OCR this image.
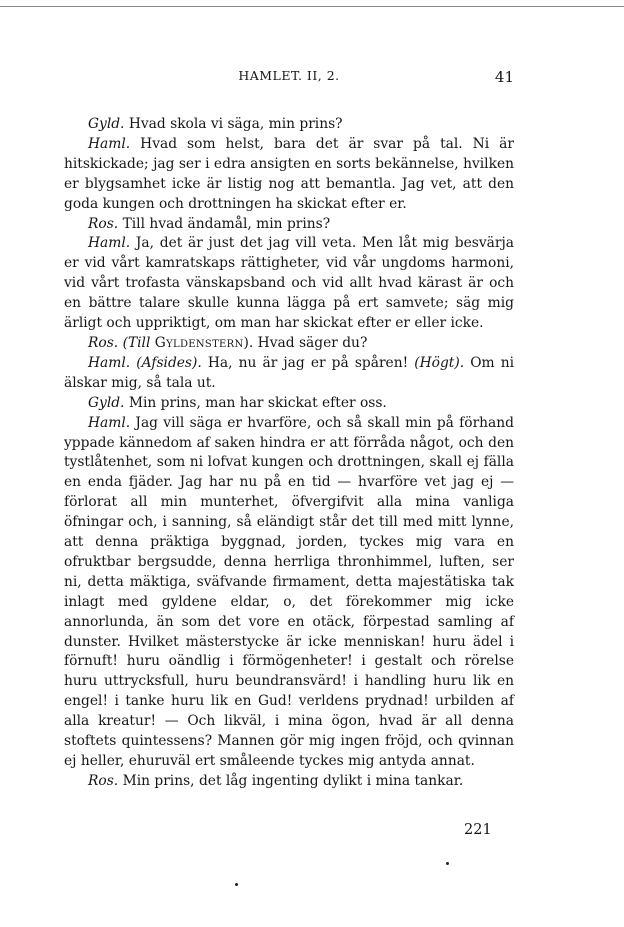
HAMLET. II, 2.	41

Gyld. Hvad skola vi säga, min prins?

Haml. Hvad som helst, bara det är svar på tal. Ni är hitskickade; jag ser i edra ansigten en sorts bekännelse, hvilken er blygsamhet icke är listig nog att bemantla. Jag vet, att den goda kungen och drottningen ha skickat efter er.

Ros. Till hvad ändamål, min prins?

Haml. Ja, det är just det jag vill veta. Men låt mig besvärja er vid vårt kamratskaps rättigheter, vid vår ungdoms harmoni, vid vårt trofasta vänskapsband och vid allt hvad kärast är och en bättre talare skulle kunna lägga på ert samvete; säg mig ärligt och uppriktigt, om man har skickat efter er eller icke.

Ros. (Till Gyldenstern). Hvad säger du?

Haml. (Afsides). Ha, nu är jag er på spåren! (Högt). Om ni älskar mig, så tala ut.

Gyld. Min prins, man har skickat efter oss.

Haml. Jag vill säga er hvarföre, och så skall min på förhand yppade kännedom af saken hindra er att förråda något, och den tystlåtenhet, som ni lofvat kungen och drottningen, skall ej fälla en enda fjäder. Jag har nu på en tid — hvarföre vet jag ej — förlorat all min munterhet, öfvergifvit alla mina vanliga öfningar och, i sanning, så eländigt står det till med mitt lynne, att denna präktiga byggnad, jorden, tyckes mig vara en ofruktbar bergsudde, denna herrliga thronhimmel, luften, ser ni, detta mäktiga, sväfvande firmament, detta majestätiska tak inlagt med gyldene eldar, o, det förekommer mig icke annorlunda, än som det vore en otäck, förpestad samling af dunster. Hvilket mästerstycke är icke menniskan! huru ädel i förnuft! huru oändlig i förmögenheter! i gestalt och rörelse huru uttrycksfull, huru beundransvärd! i handling huru lik en engel! i tanke huru lik en Gud! verldens prydnad! urbilden af alla kreatur! — Och likväl, i mina ögon, hvad är all denna stoftets quintessens? Mannen gör mig ingen fröjd, och qvinnan ej heller, ehuruväl ert småleende tyckes mig antyda annat.

Ros. Min prins, det låg ingenting dylikt i mina tankar.

221
